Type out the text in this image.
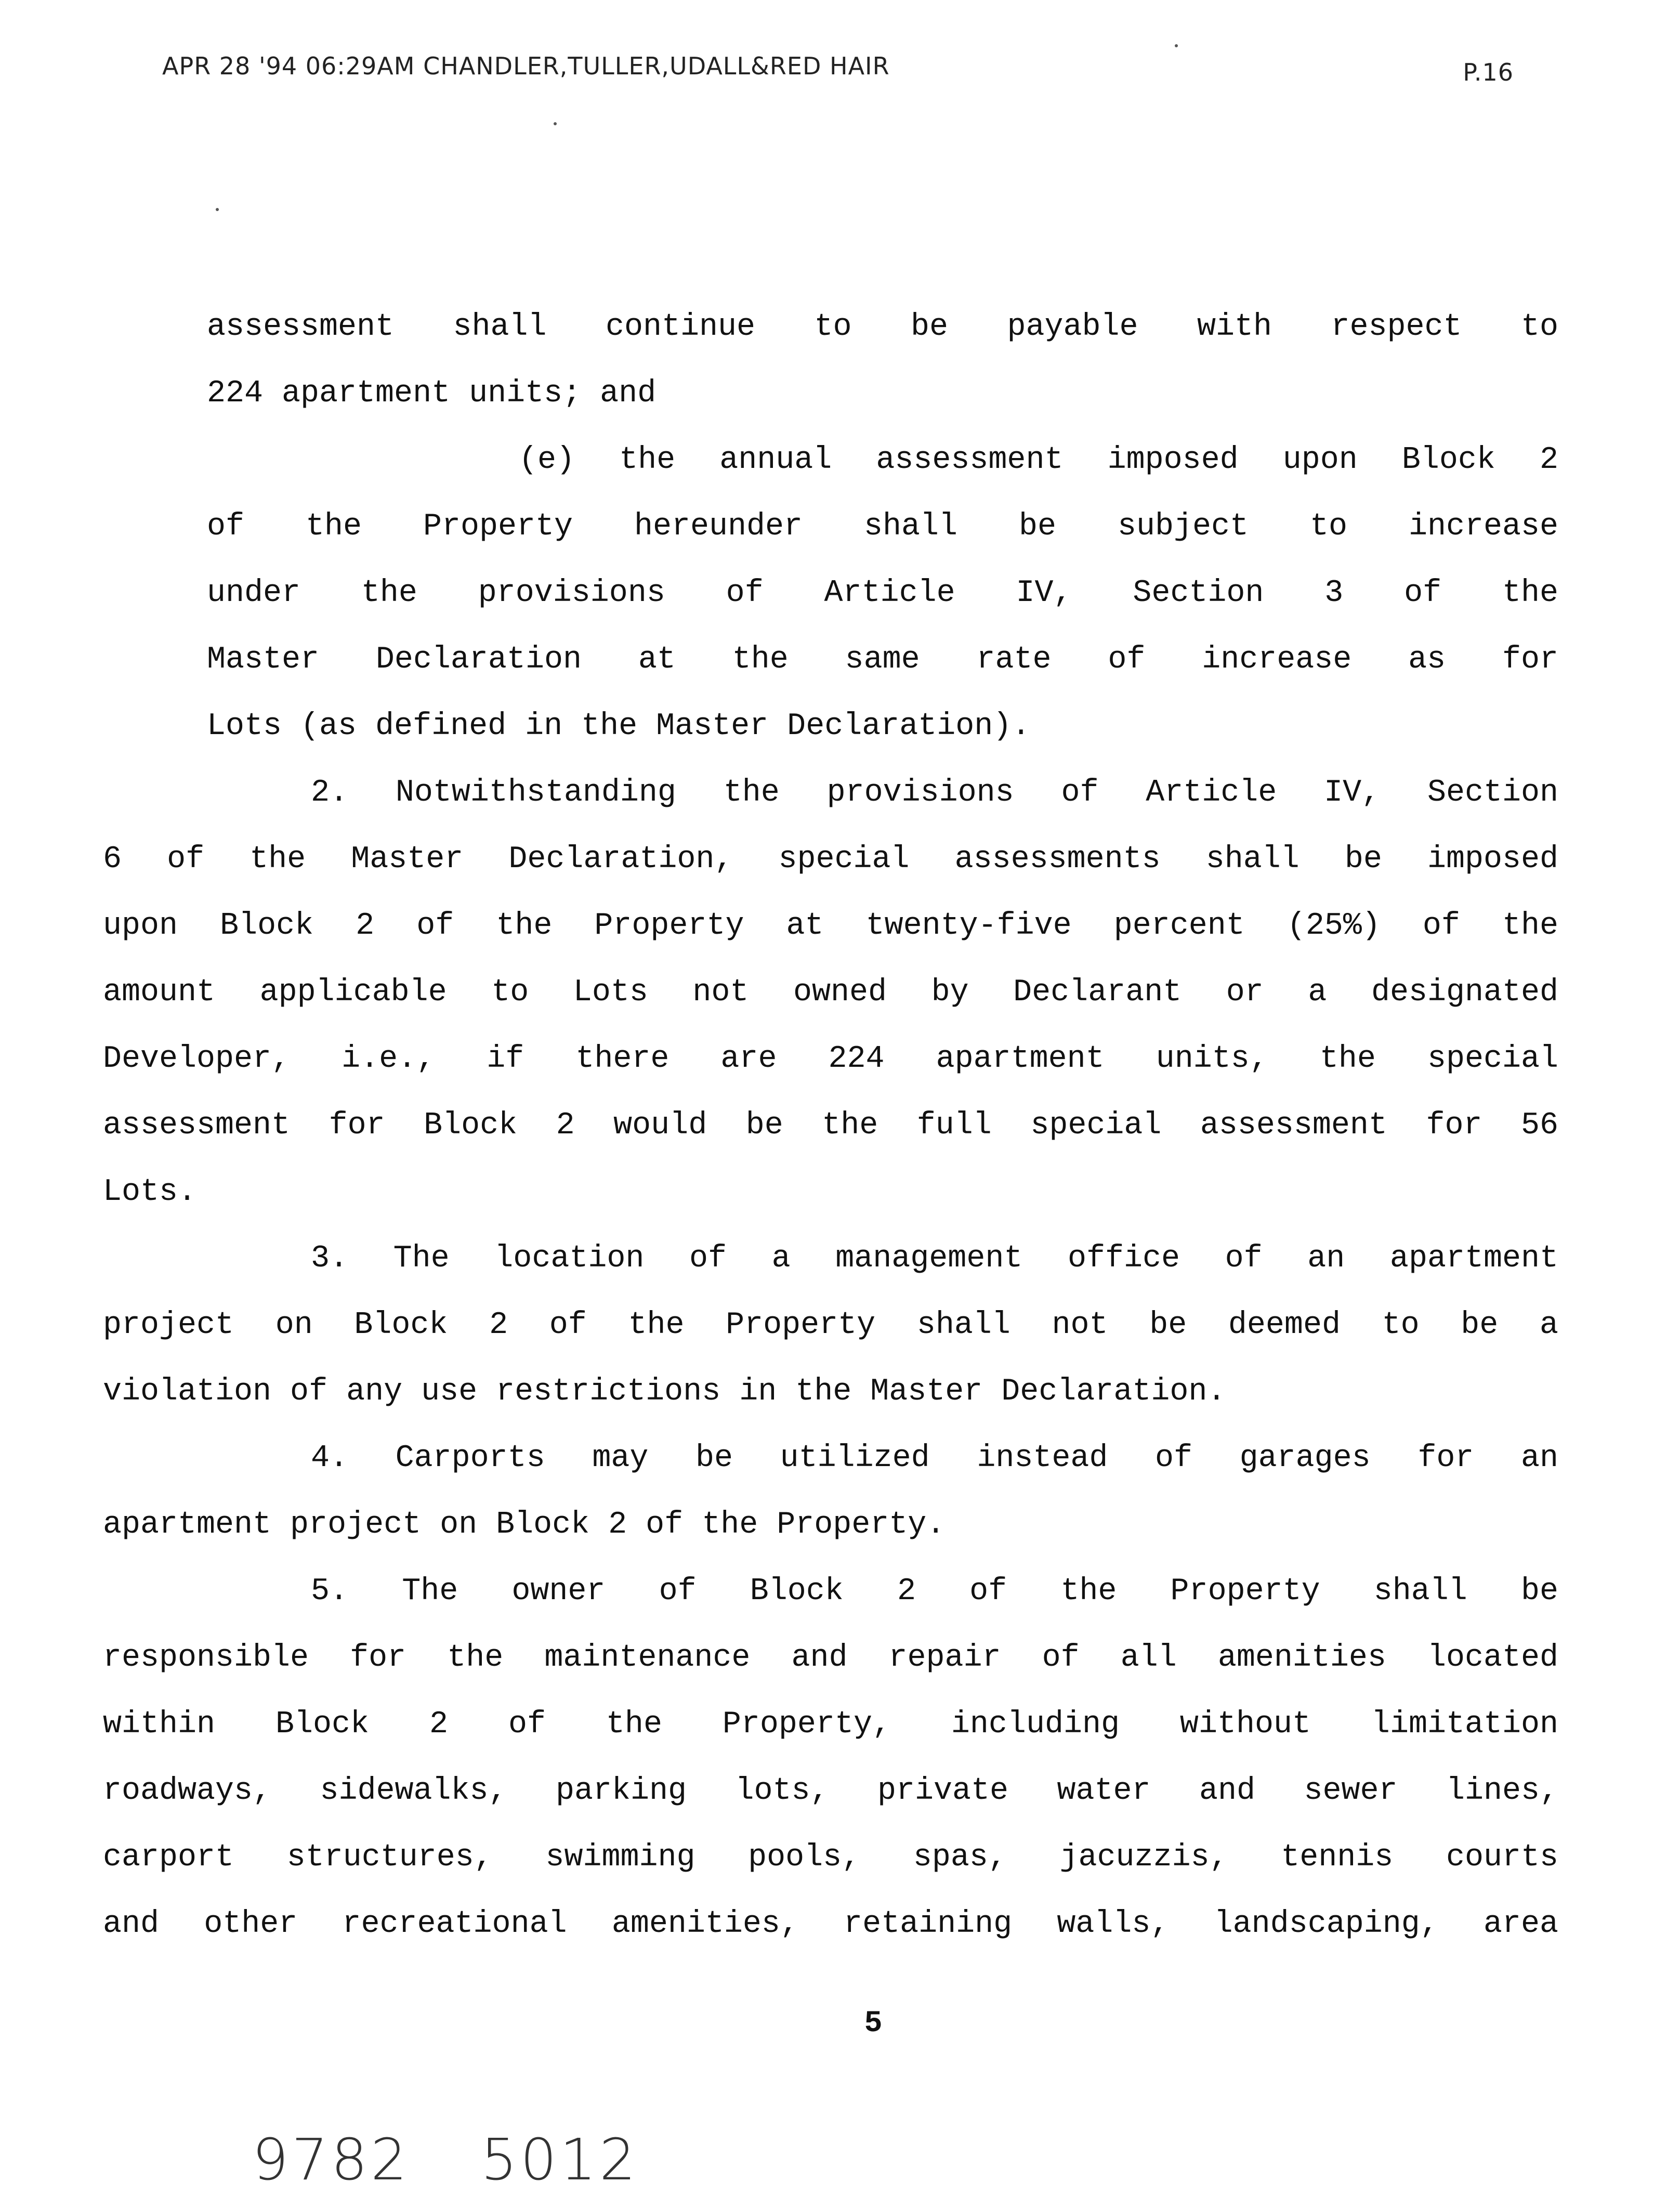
APR 28 '94 06:29AM CHANDLER,TULLER,UDALL&RED HAIR	P.16
assessment shall continue to be payable with respect to
224 apartment units; and
(e) the annual assessment imposed upon Block 2
of the Property hereunder shall be subject to increase
under the provisions of Article IV, Section 3 of the
Master Declaration at the same rate of increase as for
Lots (as defined in the Master Declaration).
2. Notwithstanding the provisions of Article IV, Section
6 of the Master Declaration, special assessments shall be imposed
upon Block 2 of the Property at twenty-five percent (25%) of the
amount applicable to Lots not owned by Declarant or a designated
Developer, i.e., if there are 224 apartment units, the special
assessment for Block 2 would be the full special assessment for 56
Lots.
3. The location of a management office of an apartment
project on Block 2 of the Property shall not be deemed to be a
violation of any use restrictions in the Master Declaration.
4. Carports may be utilized instead of garages for an
apartment project on Block 2 of the Property.
5. The owner of Block 2 of the Property shall be
responsible for the maintenance and repair of all amenities located
within Block 2 of the Property, including without limitation
roadways, sidewalks, parking lots, private water and sewer lines,
carport structures, swimming pools, spas, jacuzzis, tennis courts
and other recreational amenities, retaining walls, landscaping, area
5
9782 5012
